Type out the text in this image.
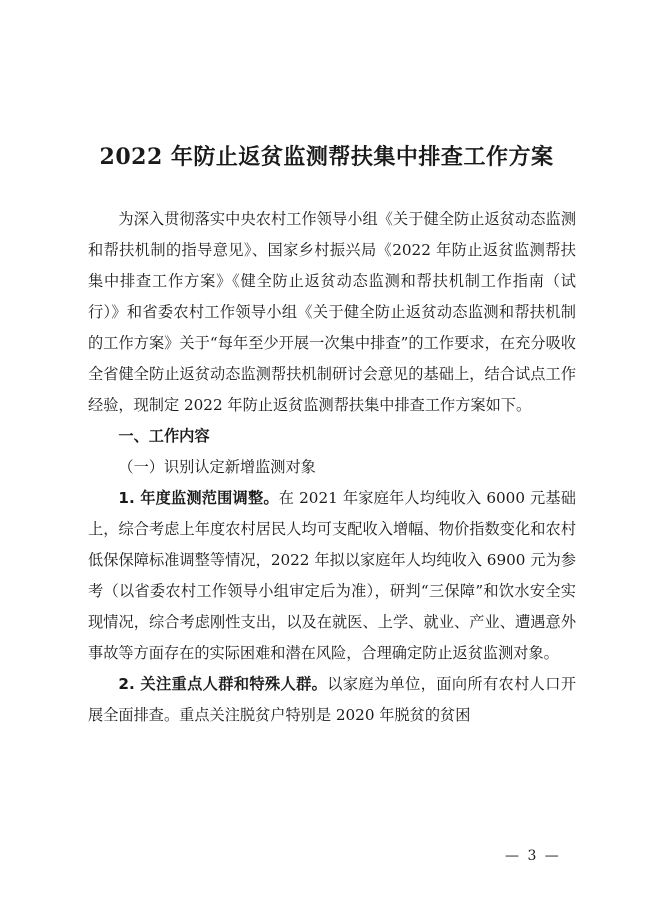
2022 年防止返贫监测帮扶集中排查工作方案

为深入贯彻落实中央农村工作领导小组《关于健全防止返贫动态监测和帮扶机制的指导意见》、国家乡村振兴局《2022 年防止返贫监测帮扶集中排查工作方案》《健全防止返贫动态监测和帮扶机制工作指南（试行）》和省委农村工作领导小组《关于健全防止返贫动态监测和帮扶机制的工作方案》关于“每年至少开展一次集中排查”的工作要求，在充分吸收全省健全防止返贫动态监测帮扶机制研讨会意见的基础上，结合试点工作经验，现制定 2022 年防止返贫监测帮扶集中排查工作方案如下。

一、工作内容

（一）识别认定新增监测对象

1. 年度监测范围调整。在 2021 年家庭年人均纯收入 6000 元基础上，综合考虑上年度农村居民人均可支配收入增幅、物价指数变化和农村低保保障标准调整等情况，2022 年拟以家庭年人均纯收入 6900 元为参考（以省委农村工作领导小组审定后为准），研判“三保障”和饮水安全实现情况，综合考虑刚性支出，以及在就医、上学、就业、产业、遭遇意外事故等方面存在的实际困难和潜在风险，合理确定防止返贫监测对象。

2. 关注重点人群和特殊人群。以家庭为单位，面向所有农村人口开展全面排查。重点关注脱贫户特别是 2020 年脱贫的贫困

— 3 —
